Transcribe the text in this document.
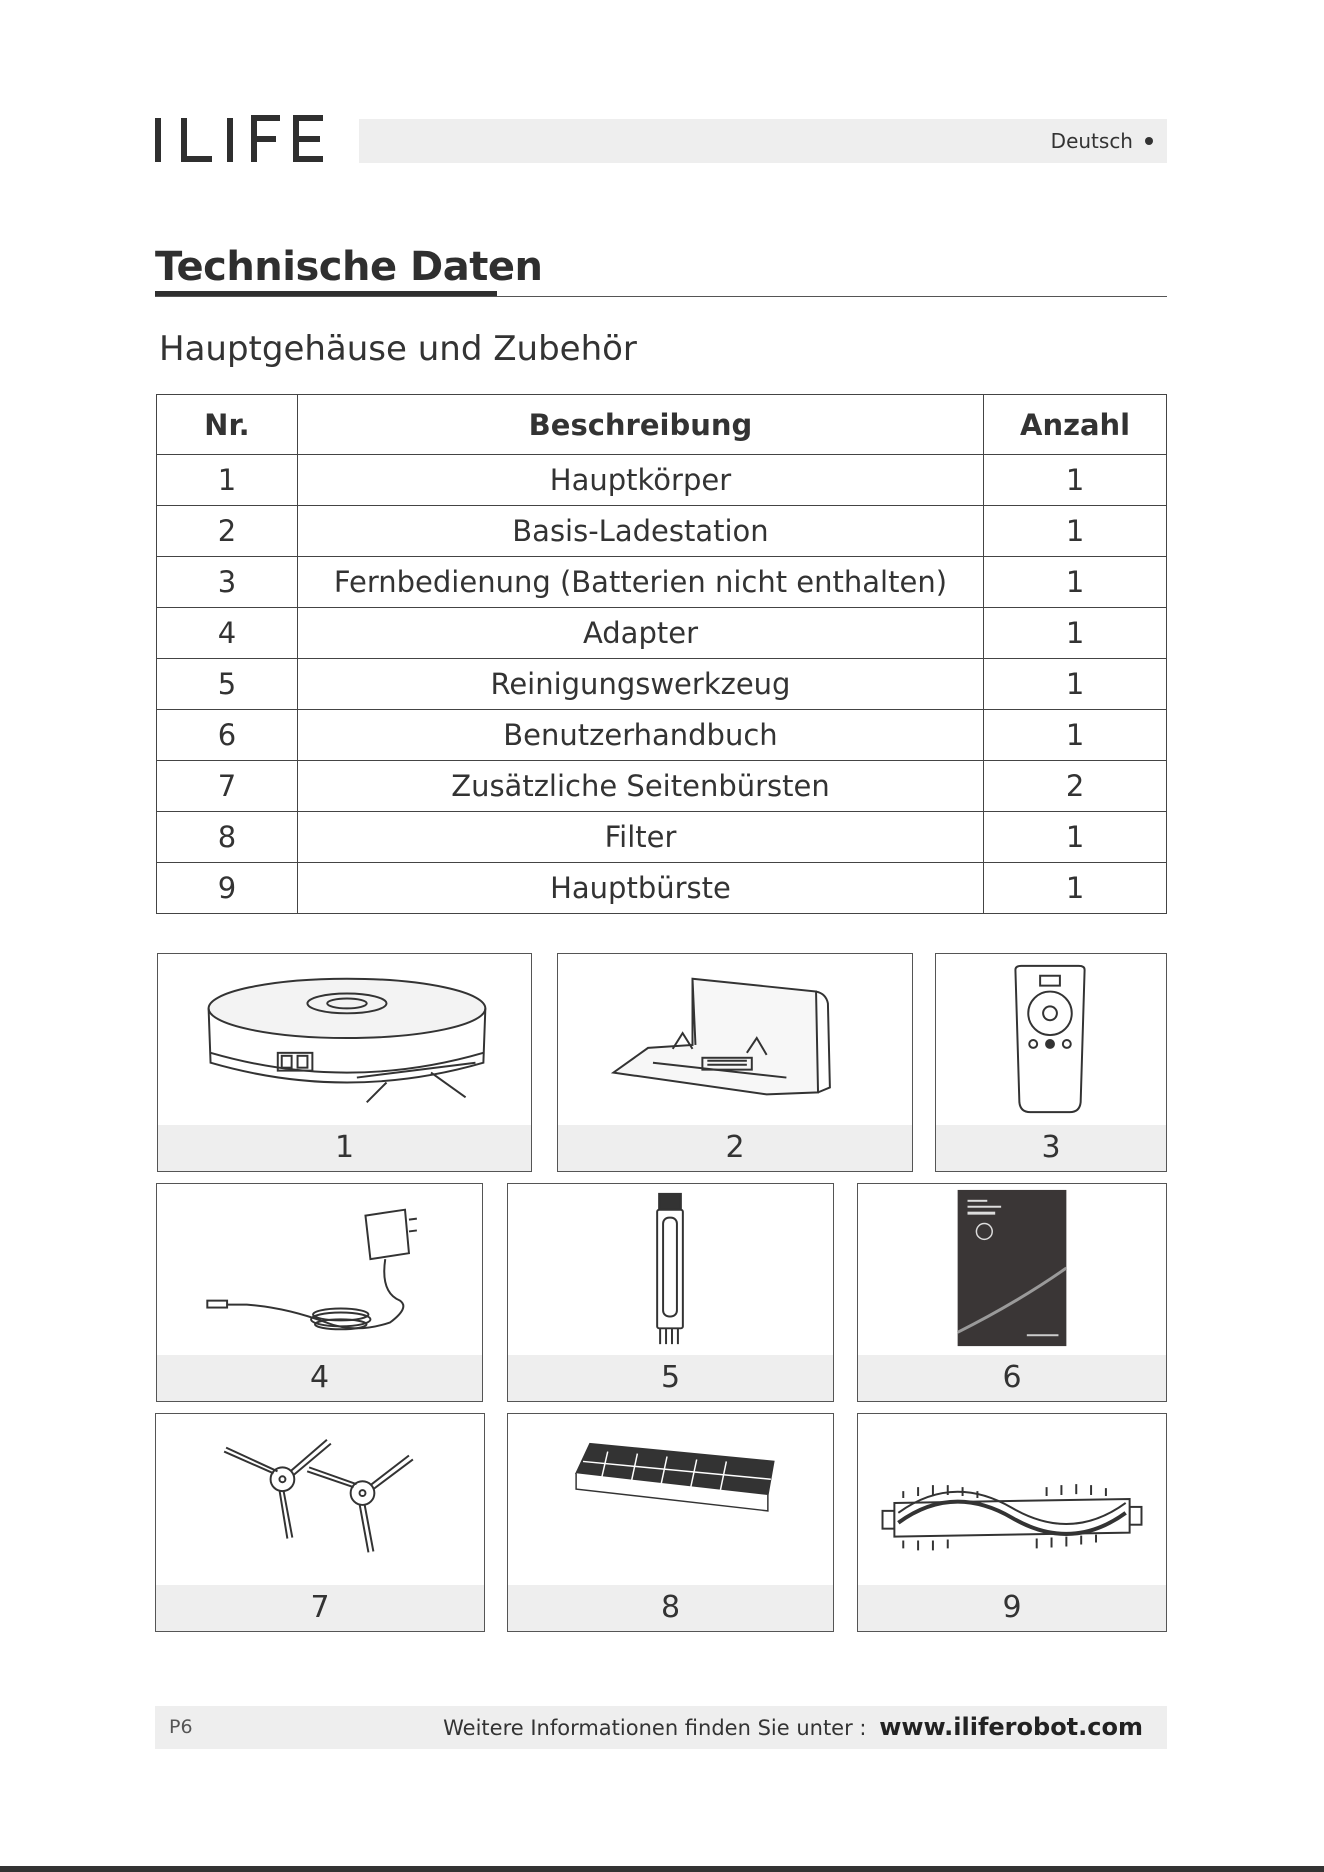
Deutsch
Technische Daten
Hauptgehäuse und Zubehör
Nr.	Beschreibung	Anzahl
1	Hauptkörper	1
2	Basis-Ladestation	1
3	Fernbedienung (Batterien nicht enthalten)	1
4	Adapter	1
5	Reinigungswerkzeug	1
6	Benutzerhandbuch	1
7	Zusätzliche Seitenbürsten	2
8	Filter	1
9	Hauptbürste	1
1	2	3
4	5	6
7	8	9
P6	Weitere Informationen finden Sie unter : www.iliferobot.com
